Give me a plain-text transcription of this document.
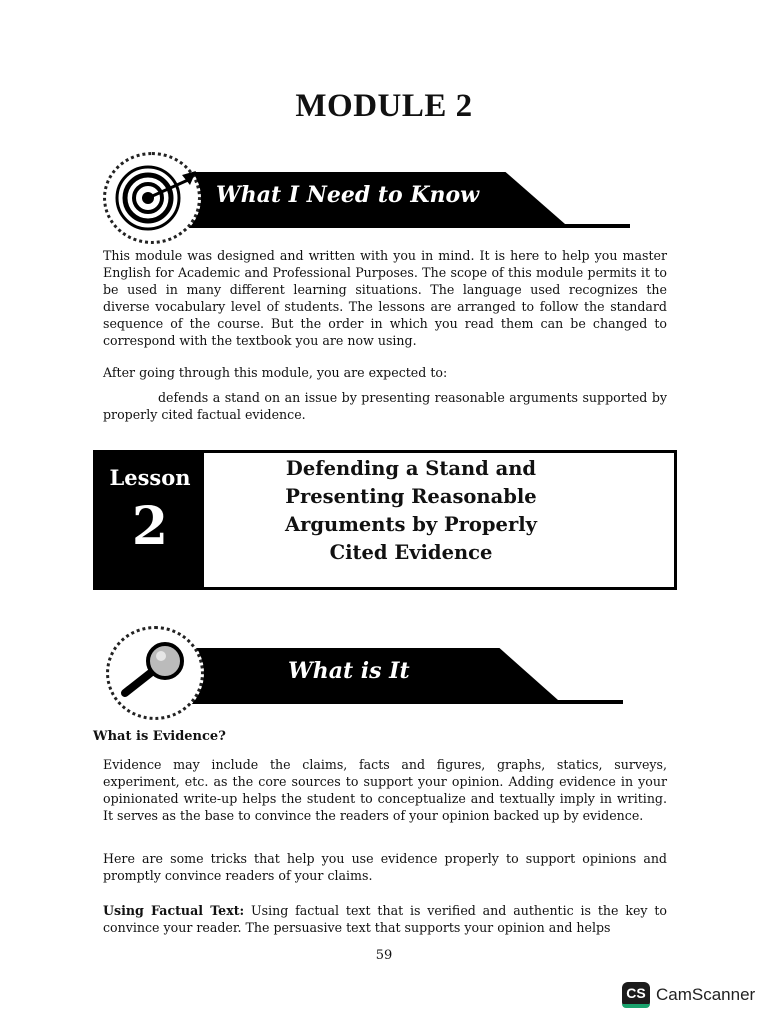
MODULE 2
What I Need to Know
This module was designed and written with you in mind. It is here to help you master English for Academic and Professional Purposes. The scope of this module permits it to be used in many different learning situations. The language used recognizes the diverse vocabulary level of students. The lessons are arranged to follow the standard sequence of the course. But the order in which you read them can be changed to correspond with the textbook you are now using.
After going through this module, you are expected to:
defends a stand on an issue by presenting reasonable arguments supported by properly cited factual evidence.
Lesson
2
Defending a Stand and
Presenting Reasonable
Arguments by Properly
Cited Evidence
What is It
What is Evidence?
Evidence may include the claims, facts and figures, graphs, statics, surveys, experiment, etc. as the core sources to support your opinion. Adding evidence in your opinionated write-up helps the student to conceptualize and textually imply in writing. It serves as the base to convince the readers of your opinion backed up by evidence.
Here are some tricks that help you use evidence properly to support opinions and promptly convince readers of your claims.
Using Factual Text: Using factual text that is verified and authentic is the key to convince your reader. The persuasive text that supports your opinion and helps
59
CS CamScanner
